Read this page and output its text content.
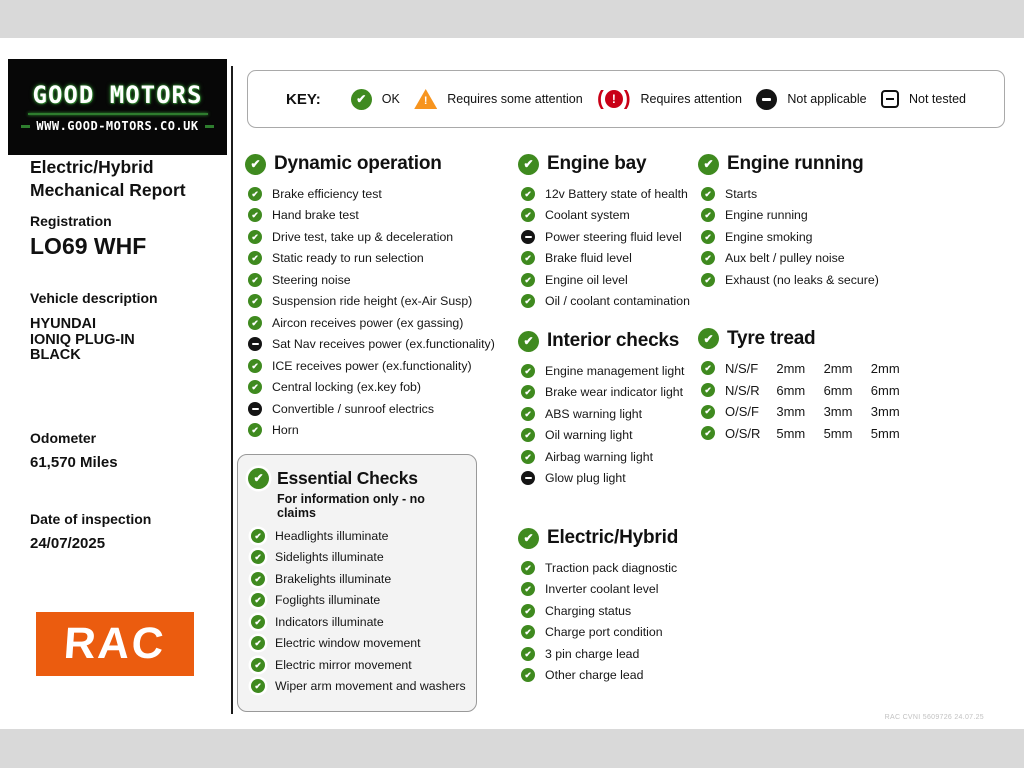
GOOD MOTORS
WWW.GOOD-MOTORS.CO.UK
Electric/Hybrid
Mechanical Report
Registration
LO69 WHF
Vehicle description
HYUNDAI
IONIQ PLUG-IN
BLACK
Odometer
61,570 Miles
Date of inspection
24/07/2025
RAC
KEY: ✔	OK !	Requires some attention (
!
)	Requires attention	Not applicable	Not tested
✔
Dynamic operation
✔
Brake efficiency test
✔
Hand brake test
✔
Drive test, take up & deceleration
✔
Static ready to run selection
✔
Steering noise
✔
Suspension ride height (ex-Air Susp)
✔
Aircon receives power (ex gassing)
Sat Nav receives power (ex.functionality)
✔
ICE receives power (ex.functionality)
✔
Central locking (ex.key fob)
Convertible / sunroof electrics
✔
Horn
✔
Essential Checks
For information only - no claims
✔
Headlights illuminate
✔
Sidelights illuminate
✔
Brakelights illuminate
✔
Foglights illuminate
✔
Indicators illuminate
✔
Electric window movement
✔
Electric mirror movement
✔
Wiper arm movement and washers
✔
Engine bay
✔
12v Battery state of health
✔
Coolant system
Power steering fluid level
✔
Brake fluid level
✔
Engine oil level
✔
Oil / coolant contamination
✔
Interior checks
✔
Engine management light
✔
Brake wear indicator light
✔
ABS warning light
✔
Oil warning light
✔
Airbag warning light
Glow plug light
✔
Electric/Hybrid
✔
Traction pack diagnostic
✔
Inverter coolant level
✔
Charging status
✔
Charge port condition
✔
3 pin charge lead
✔
Other charge lead
✔
Engine running
✔
Starts
✔
Engine running
✔
Engine smoking
✔
Aux belt / pulley noise
✔
Exhaust (no leaks & secure)
✔
Tyre tread
✔
N/S/F	2mm	2mm	2mm
✔
N/S/R	6mm	6mm	6mm
✔
O/S/F	3mm	3mm	3mm
✔
O/S/R	5mm	5mm	5mm
RAC CVNI 5609726 24.07.25
